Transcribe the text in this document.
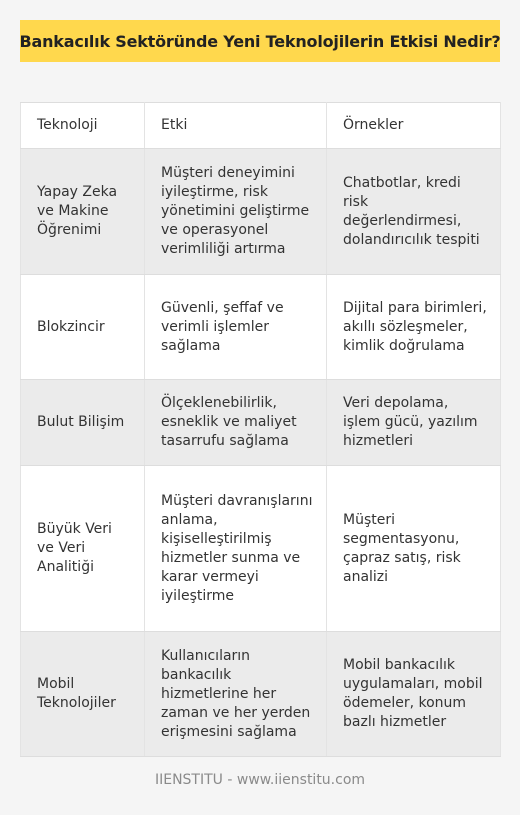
Bankacılık Sektöründe Yeni Teknolojilerin Etkisi Nedir?
Teknoloji	Etki	Örnekler
Yapay Zeka ve Makine Öğrenimi	Müşteri deneyimini iyileştirme, risk yönetimini geliştirme ve operasyonel verimliliği artırma	Chatbotlar, kredi risk değerlendirmesi, dolandırıcılık tespiti
Blokzincir	Güvenli, şeffaf ve verimli işlemler sağlama	Dijital para birimleri, akıllı sözleşmeler, kimlik doğrulama
Bulut Bilişim	Ölçeklenebilirlik, esneklik ve maliyet tasarrufu sağlama	Veri depolama, işlem gücü, yazılım hizmetleri
Büyük Veri ve Veri Analitiği	Müşteri davranışlarını anlama, kişiselleştirilmiş hizmetler sunma ve karar vermeyi iyileştirme	Müşteri segmentasyonu, çapraz satış, risk analizi
Mobil Teknolojiler	Kullanıcıların bankacılık hizmetlerine her zaman ve her yerden erişmesini sağlama	Mobil bankacılık uygulamaları, mobil ödemeler, konum bazlı hizmetler
IIENSTITU - www.iienstitu.com
